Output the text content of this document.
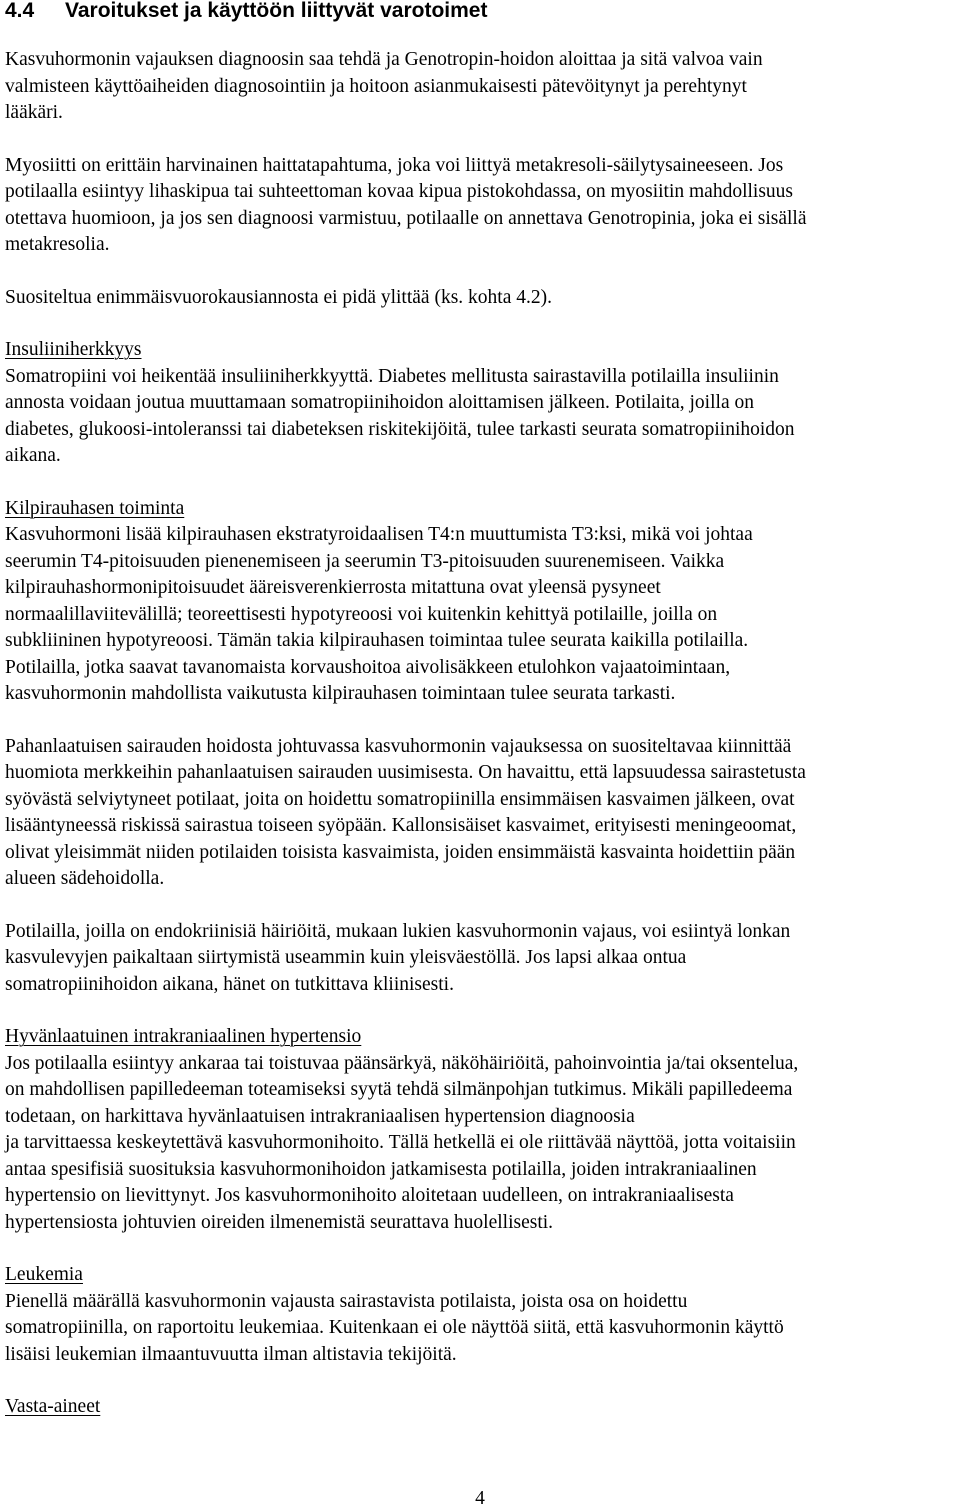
4.4	Varoitukset ja käyttöön liittyvät varotoimet
Kasvuhormonin vajauksen diagnoosin saa tehdä ja Genotropin-hoidon aloittaa ja sitä valvoa vain
valmisteen käyttöaiheiden diagnosointiin ja hoitoon asianmukaisesti pätevöitynyt ja perehtynyt
lääkäri.
Myosiitti on erittäin harvinainen haittatapahtuma, joka voi liittyä metakresoli-säilytysaineeseen. Jos
potilaalla esiintyy lihaskipua tai suhteettoman kovaa kipua pistokohdassa, on myosiitin mahdollisuus
otettava huomioon, ja jos sen diagnoosi varmistuu, potilaalle on annettava Genotropinia, joka ei sisällä
metakresolia.
Suositeltua enimmäisvuorokausiannosta ei pidä ylittää (ks. kohta 4.2).
Insuliiniherkkyys
Somatropiini voi heikentää insuliiniherkkyyttä. Diabetes mellitusta sairastavilla potilailla insuliinin
annosta voidaan joutua muuttamaan somatropiinihoidon aloittamisen jälkeen. Potilaita, joilla on
diabetes, glukoosi-intoleranssi tai diabeteksen riskitekijöitä, tulee tarkasti seurata somatropiinihoidon
aikana.
Kilpirauhasen toiminta
Kasvuhormoni lisää kilpirauhasen ekstratyroidaalisen T4:n muuttumista T3:ksi, mikä voi johtaa
seerumin T4-pitoisuuden pienenemiseen ja seerumin T3-pitoisuuden suurenemiseen. Vaikka
kilpirauhashormonipitoisuudet ääreisverenkierrosta mitattuna ovat yleensä pysyneet
normaalillaviitevälillä; teoreettisesti hypotyreoosi voi kuitenkin kehittyä potilaille, joilla on
subkliininen hypotyreoosi. Tämän takia kilpirauhasen toimintaa tulee seurata kaikilla potilailla.
Potilailla, jotka saavat tavanomaista korvaushoitoa aivolisäkkeen etulohkon vajaatoimintaan,
kasvuhormonin mahdollista vaikutusta kilpirauhasen toimintaan tulee seurata tarkasti.
Pahanlaatuisen sairauden hoidosta johtuvassa kasvuhormonin vajauksessa on suositeltavaa kiinnittää
huomiota merkkeihin pahanlaatuisen sairauden uusimisesta. On havaittu, että lapsuudessa sairastetusta
syövästä selviytyneet potilaat, joita on hoidettu somatropiinilla ensimmäisen kasvaimen jälkeen, ovat
lisääntyneessä riskissä sairastua toiseen syöpään. Kallonsisäiset kasvaimet, erityisesti meningeoomat,
olivat yleisimmät niiden potilaiden toisista kasvaimista, joiden ensimmäistä kasvainta hoidettiin pään
alueen sädehoidolla.
Potilailla, joilla on endokriinisiä häiriöitä, mukaan lukien kasvuhormonin vajaus, voi esiintyä lonkan
kasvulevyjen paikaltaan siirtymistä useammin kuin yleisväestöllä. Jos lapsi alkaa ontua
somatropiinihoidon aikana, hänet on tutkittava kliinisesti.
Hyvänlaatuinen intrakraniaalinen hypertensio
Jos potilaalla esiintyy ankaraa tai toistuvaa päänsärkyä, näköhäiriöitä, pahoinvointia ja/tai oksentelua,
on mahdollisen papilledeeman toteamiseksi syytä tehdä silmänpohjan tutkimus. Mikäli papilledeema
todetaan, on harkittava hyvänlaatuisen intrakraniaalisen hypertension diagnoosia
ja tarvittaessa keskeytettävä kasvuhormonihoito. Tällä hetkellä ei ole riittävää näyttöä, jotta voitaisiin
antaa spesifisiä suosituksia kasvuhormonihoidon jatkamisesta potilailla, joiden intrakraniaalinen
hypertensio on lievittynyt. Jos kasvuhormonihoito aloitetaan uudelleen, on intrakraniaalisesta
hypertensiosta johtuvien oireiden ilmenemistä seurattava huolellisesti.
Leukemia
Pienellä määrällä kasvuhormonin vajausta sairastavista potilaista, joista osa on hoidettu
somatropiinilla, on raportoitu leukemiaa. Kuitenkaan ei ole näyttöä siitä, että kasvuhormonin käyttö
lisäisi leukemian ilmaantuvuutta ilman altistavia tekijöitä.
Vasta-aineet
4
